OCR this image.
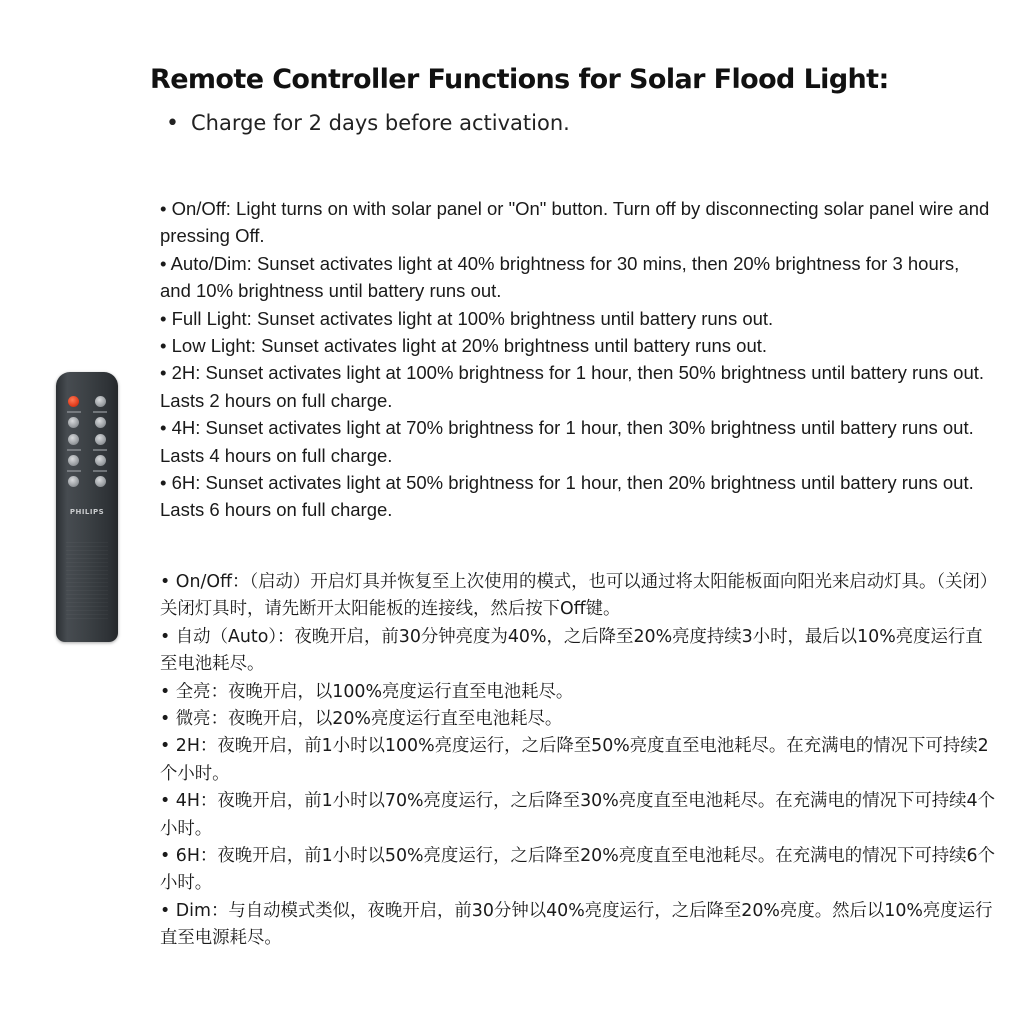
Remote Controller Functions for Solar Flood Light:
• Charge for 2 days before activation.
PHILIPS

• On/Off: Light turns on with solar panel or "On" button. Turn off by disconnecting solar panel wire and pressing Off.

• Auto/Dim: Sunset activates light at 40% brightness for 30 mins, then 20% brightness for 3 hours, and 10% brightness until battery runs out.

• Full Light: Sunset activates light at 100% brightness until battery runs out.

• Low Light: Sunset activates light at 20% brightness until battery runs out.

• 2H: Sunset activates light at 100% brightness for 1 hour, then 50% brightness until battery runs out. Lasts 2 hours on full charge.

• 4H: Sunset activates light at 70% brightness for 1 hour, then 30% brightness until battery runs out. Lasts 4 hours on full charge.

• 6H: Sunset activates light at 50% brightness for 1 hour, then 20% brightness until battery runs out. Lasts 6 hours on full charge.

• On/Off：（启动）开启灯具并恢复至上次使用的模式，也可以通过将太阳能板面向阳光来启动灯具。（关闭）关闭灯具时，请先断开太阳能板的连接线，然后按下Off键。

• 自动（Auto）：夜晚开启，前30分钟亮度为40%，之后降至20%亮度持续3小时，最后以10%亮度运行直至电池耗尽。

• 全亮：夜晚开启，以100%亮度运行直至电池耗尽。

• 微亮：夜晚开启，以20%亮度运行直至电池耗尽。

• 2H：夜晚开启，前1小时以100%亮度运行，之后降至50%亮度直至电池耗尽。在充满电的情况下可持续2个小时。

• 4H：夜晚开启，前1小时以70%亮度运行，之后降至30%亮度直至电池耗尽。在充满电的情况下可持续4个小时。

• 6H：夜晚开启，前1小时以50%亮度运行，之后降至20%亮度直至电池耗尽。在充满电的情况下可持续6个小时。

• Dim：与自动模式类似，夜晚开启，前30分钟以40%亮度运行，之后降至20%亮度。然后以10%亮度运行直至电源耗尽。
